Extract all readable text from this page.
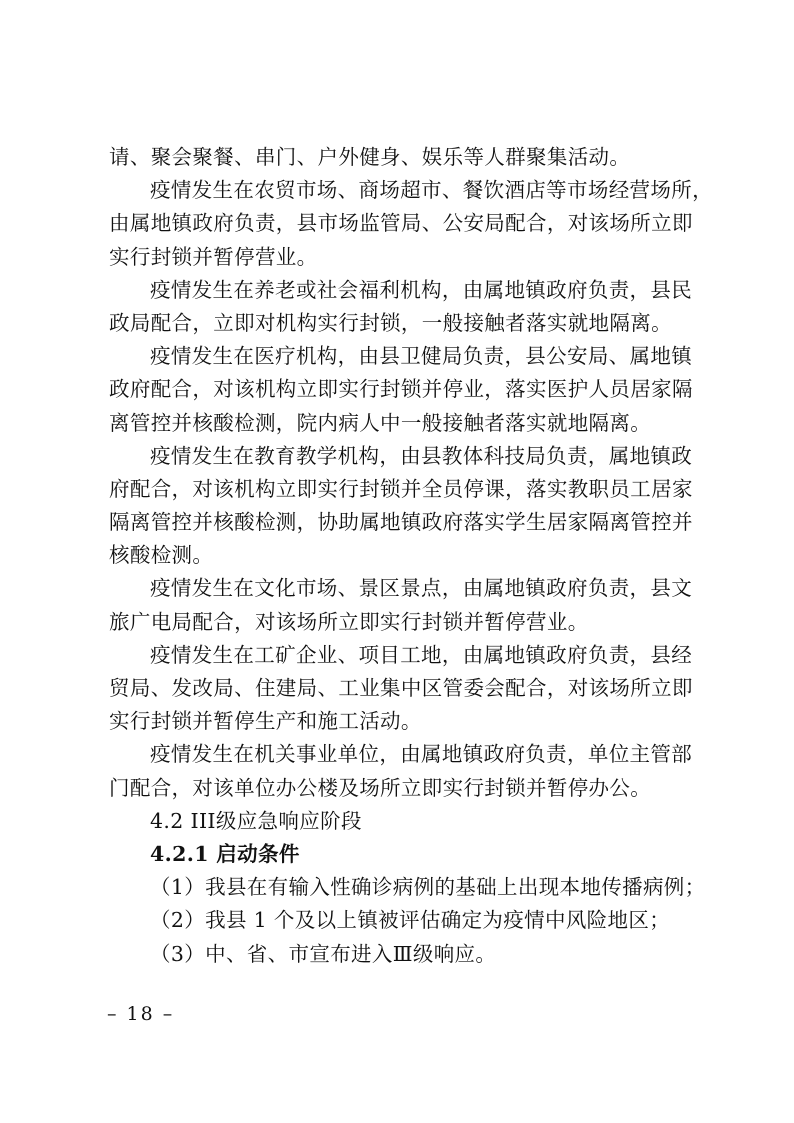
请、聚会聚餐、串门、户外健身、娱乐等人群聚集活动。
疫情发生在农贸市场、商场超市、餐饮酒店等市场经营场所，
由属地镇政府负责，县市场监管局、公安局配合，对该场所立即
实行封锁并暂停营业。
疫情发生在养老或社会福利机构，由属地镇政府负责，县民
政局配合，立即对机构实行封锁，一般接触者落实就地隔离。
疫情发生在医疗机构，由县卫健局负责，县公安局、属地镇
政府配合，对该机构立即实行封锁并停业，落实医护人员居家隔
离管控并核酸检测，院内病人中一般接触者落实就地隔离。
疫情发生在教育教学机构，由县教体科技局负责，属地镇政
府配合，对该机构立即实行封锁并全员停课，落实教职员工居家
隔离管控并核酸检测，协助属地镇政府落实学生居家隔离管控并
核酸检测。
疫情发生在文化市场、景区景点，由属地镇政府负责，县文
旅广电局配合，对该场所立即实行封锁并暂停营业。
疫情发生在工矿企业、项目工地，由属地镇政府负责，县经
贸局、发改局、住建局、工业集中区管委会配合，对该场所立即
实行封锁并暂停生产和施工活动。
疫情发生在机关事业单位，由属地镇政府负责，单位主管部
门配合，对该单位办公楼及场所立即实行封锁并暂停办公。
4.2 III级应急响应阶段
4.2.1 启动条件
（1）我县在有输入性确诊病例的基础上出现本地传播病例；
（2）我县 1 个及以上镇被评估确定为疫情中风险地区；
（3）中、省、市宣布进入Ⅲ级响应。
– 18 –
